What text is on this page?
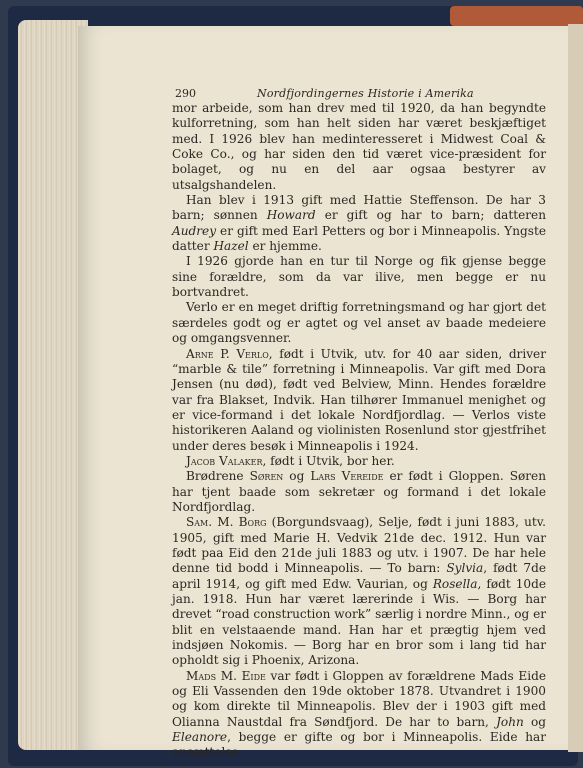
290	Nordfjordingernes Historie i Amerika

mor arbeide, som han drev med til 1920, da han begyndte kulforretning, som han helt siden har været beskjæftiget med. I 1926 blev han medinteresseret i Midwest Coal & Coke Co., og har siden den tid været vice-præsident for bolaget, og nu en del aar ogsaa bestyrer av utsalgshandelen.

Han blev i 1913 gift med Hattie Steffenson. De har 3 barn; sønnen Howard er gift og har to barn; datteren Audrey er gift med Earl Petters og bor i Minneapolis. Yngste datter Hazel er hjemme.

I 1926 gjorde han en tur til Norge og fik gjense begge sine forældre, som da var ilive, men begge er nu bortvandret.

Verlo er en meget driftig forretningsmand og har gjort det særdeles godt og er agtet og vel anset av baade medeiere og omgangsvenner.

Arne P. Verlo, født i Utvik, utv. for 40 aar siden, driver “marble & tile” forretning i Minneapolis. Var gift med Dora Jensen (nu død), født ved Belview, Minn. Hendes forældre var fra Blakset, Indvik. Han tilhører Immanuel menighet og er vice-formand i det lokale Nordfjordlag. — Verlos viste historikeren Aaland og violinisten Rosenlund stor gjestfrihet under deres besøk i Minneapolis i 1924.

Jacob Valaker, født i Utvik, bor her.

Brødrene Søren og Lars Vereide er født i Gloppen. Søren har tjent baade som sekretær og formand i det lokale Nordfjordlag.

Sam. M. Borg (Borgundsvaag), Selje, født i juni 1883, utv. 1905, gift med Marie H. Vedvik 21de dec. 1912. Hun var født paa Eid den 21de juli 1883 og utv. i 1907. De har hele denne tid bodd i Minneapolis. — To barn: Sylvia, født 7de april 1914, og gift med Edw. Vaurian, og Rosella, født 10de jan. 1918. Hun har været lærerinde i Wis. — Borg har drevet “road construction work” særlig i nordre Minn., og er blit en velstaaende mand. Han har et prægtig hjem ved indsjøen Nokomis. — Borg har en bror som i lang tid har opholdt sig i Phoenix, Arizona.

Mads M. Eide var født i Gloppen av forældrene Mads Eide og Eli Vassenden den 19de oktober 1878. Utvandret i 1900 og kom direkte til Minneapolis. Blev der i 1903 gift med Olianna Naustdal fra Søndfjord. De har to barn, John og Eleanore, begge er gifte og bor i Minneapolis. Eide har ansættelse
